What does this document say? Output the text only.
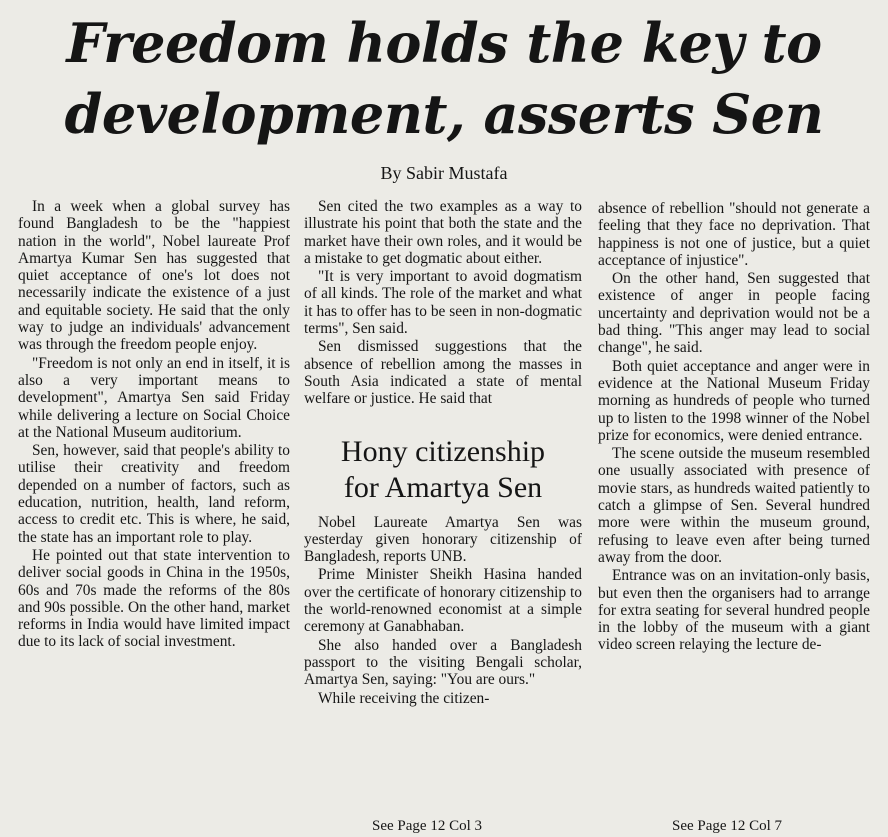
Freedom holds the key to
development, asserts Sen
By Sabir Mustafa

In a week when a global survey has found Bangladesh to be the "happiest nation in the world", Nobel laureate Prof Amartya Kumar Sen has suggested that quiet acceptance of one's lot does not necessarily indicate the existence of a just and equitable society. He said that the only way to judge an individuals' advancement was through the freedom people enjoy.

"Freedom is not only an end in itself, it is also a very important means to development", Amartya Sen said Friday while delivering a lecture on Social Choice at the National Museum auditorium.

Sen, however, said that people's ability to utilise their creativity and freedom depended on a number of factors, such as education, nutrition, health, land reform, access to credit etc. This is where, he said, the state has an important role to play.

He pointed out that state intervention to deliver social goods in China in the 1950s, 60s and 70s made the reforms of the 80s and 90s possible. On the other hand, market reforms in India would have limited impact due to its lack of social investment.

Sen cited the two examples as a way to illustrate his point that both the state and the market have their own roles, and it would be a mistake to get dogmatic about either.

"It is very important to avoid dogmatism of all kinds. The role of the market and what it has to offer has to be seen in non-dogmatic terms", Sen said.

Sen dismissed suggestions that the absence of rebellion among the masses in South Asia indicated a state of mental welfare or justice. He said that

Hony citizenship
for Amartya Sen

Nobel Laureate Amartya Sen was yesterday given honorary citizenship of Bangladesh, reports UNB.

Prime Minister Sheikh Hasina handed over the certificate of honorary citizenship to the world-renowned economist at a simple ceremony at Ganabhaban.

She also handed over a Bangladesh passport to the visiting Bengali scholar, Amartya Sen, saying: "You are ours."

While receiving the citizen-

See Page 12 Col 3

absence of rebellion "should not generate a feeling that they face no deprivation. That happiness is not one of justice, but a quiet acceptance of injustice".

On the other hand, Sen suggested that existence of anger in people facing uncertainty and deprivation would not be a bad thing. "This anger may lead to social change", he said.

Both quiet acceptance and anger were in evidence at the National Museum Friday morning as hundreds of people who turned up to listen to the 1998 winner of the Nobel prize for economics, were denied entrance.

The scene outside the museum resembled one usually associated with presence of movie stars, as hundreds waited patiently to catch a glimpse of Sen. Several hundred more were within the museum ground, refusing to leave even after being turned away from the door.

Entrance was on an invitation-only basis, but even then the organisers had to arrange for extra seating for several hundred people in the lobby of the museum with a giant video screen relaying the lecture de-

See Page 12 Col 7
